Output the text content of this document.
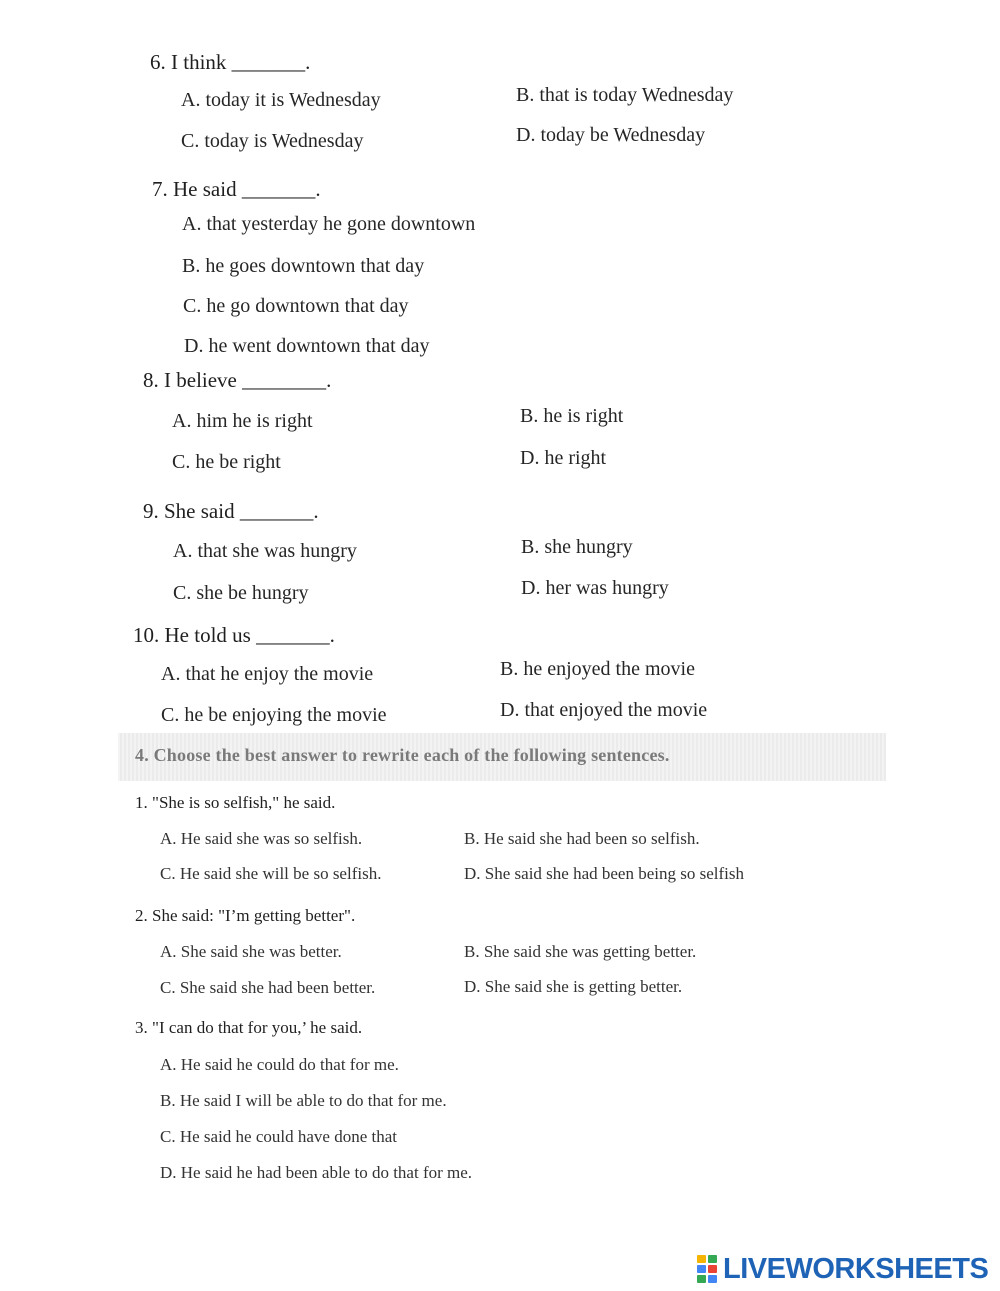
6. I think _______.
A. today it is Wednesday	B. that is today Wednesday
C. today is Wednesday	D. today be Wednesday
7. He said _______.
A. that yesterday he gone downtown
B. he goes downtown that day
C. he go downtown that day
D. he went downtown that day
8. I believe ________.
A. him he is right	B. he is right
C. he be right	D. he right
9. She said _______.
A. that she was hungry	B. she hungry
C. she be hungry	D. her was hungry
10. He told us _______.
A. that he enjoy the movie	B. he enjoyed the movie
C. he be enjoying the movie	D. that enjoyed the movie
4. Choose the best answer to rewrite each of the following sentences.
1. "She is so selfish," he said.
A. He said she was so selfish.	B. He said she had been so selfish.
C. He said she will be so selfish.	D. She said she had been being so selfish
2. She said: "I’m getting better".
A. She said she was better.	B. She said she was getting better.
C. She said she had been better.	D. She said she is getting better.
3. "I can do that for you,’ he said.
A. He said he could do that for me.
B. He said I will be able to do that for me.
C. He said he could have done that
D. He said he had been able to do that for me.
LIVEWORKSHEETS
